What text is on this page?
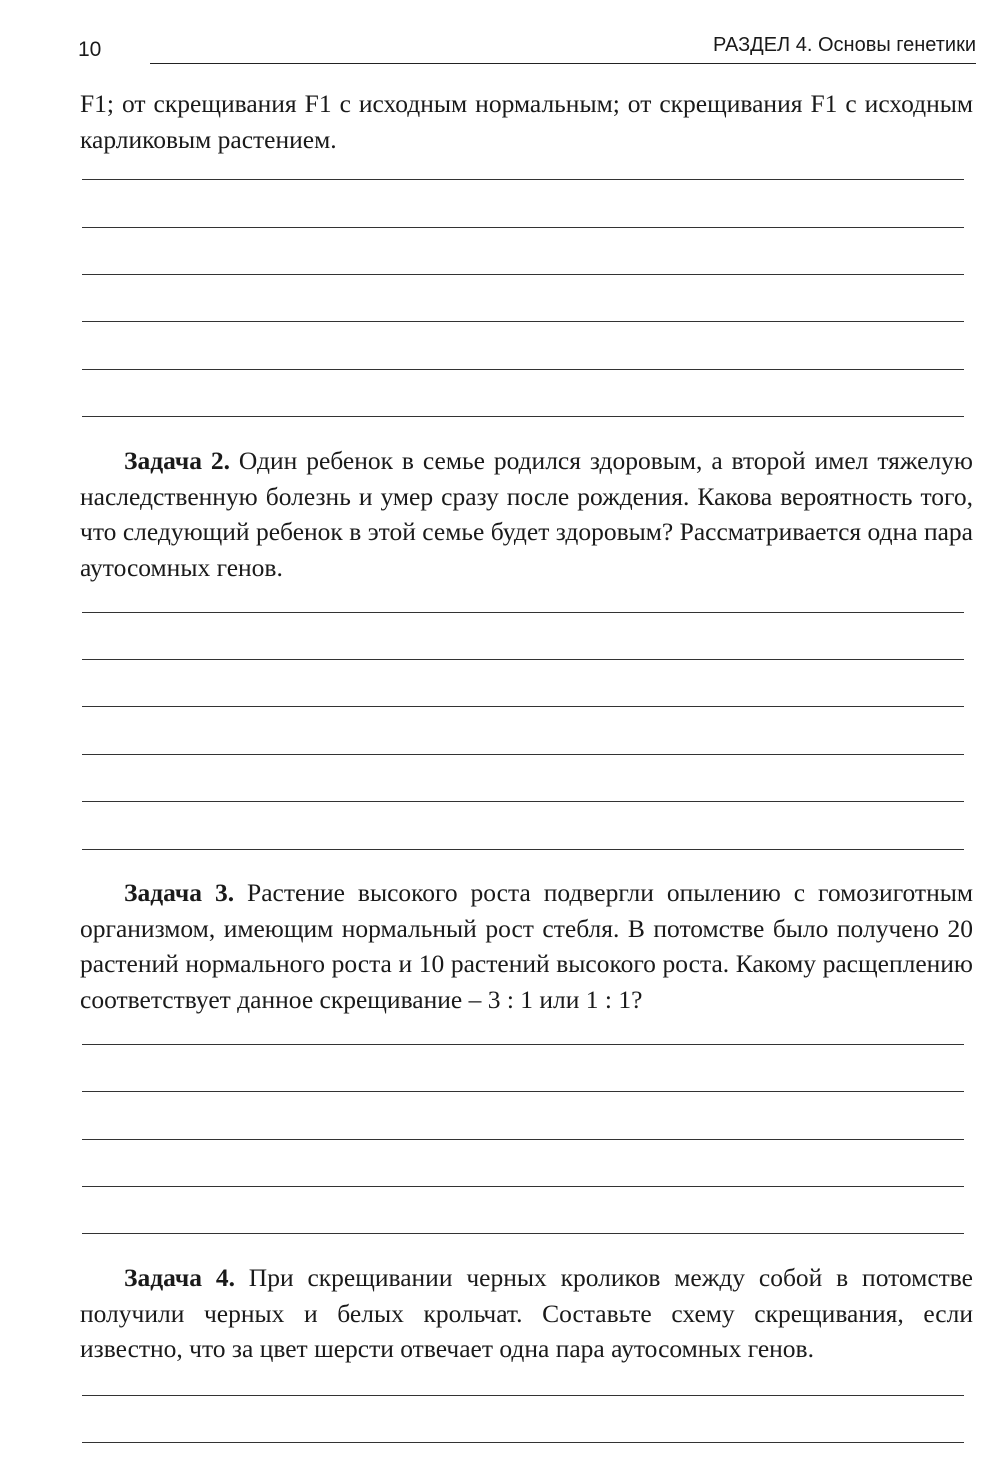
10	РАЗДЕЛ 4. Основы генетики

F1; от скрещивания F1 с исходным нормальным; от скрещивания F1 с исходным карликовым растением.

Задача 2. Один ребенок в семье родился здоровым, а второй имел тяжелую наследственную болезнь и умер сразу после рождения. Какова вероятность того, что следующий ребенок в этой семье будет здоровым? Рассматривается одна пара аутосомных генов.

Задача 3. Растение высокого роста подвергли опылению с гомозиготным организмом, имеющим нормальный рост стебля. В потомстве было получено 20 растений нормального роста и 10 растений высокого роста. Какому расщеплению соответствует данное скрещивание – 3 : 1 или 1 : 1?

Задача 4. При скрещивании черных кроликов между собой в потомстве получили черных и белых крольчат. Составьте схему скрещивания, если известно, что за цвет шерсти отвечает одна пара аутосомных генов.
